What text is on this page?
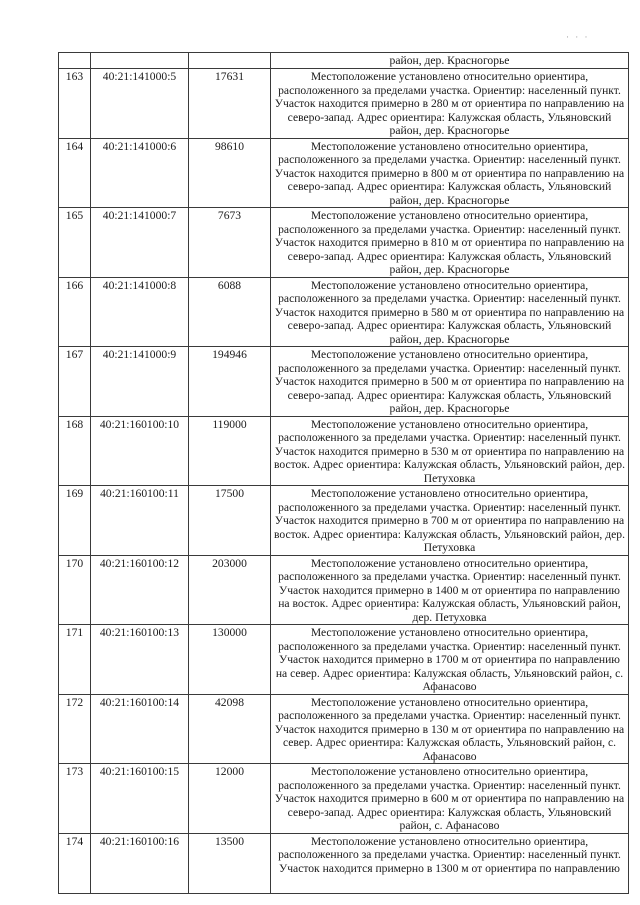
· · ·
			район, дер. Красногорье
163	40:21:141000:5	17631	Местоположение установлено относительно ориентира, расположенного за пределами участка. Ориентир: населенный пункт. Участок находится примерно в 280 м от ориентира по направлению на северо-запад. Адрес ориентира: Калужская область, Ульяновский район, дер. Красногорье
164	40:21:141000:6	98610	Местоположение установлено относительно ориентира, расположенного за пределами участка. Ориентир: населенный пункт. Участок находится примерно в 800 м от ориентира по направлению на северо-запад. Адрес ориентира: Калужская область, Ульяновский район, дер. Красногорье
165	40:21:141000:7	7673	Местоположение установлено относительно ориентира, расположенного за пределами участка. Ориентир: населенный пункт. Участок находится примерно в 810 м от ориентира по направлению на северо-запад. Адрес ориентира: Калужская область, Ульяновский район, дер. Красногорье
166	40:21:141000:8	6088	Местоположение установлено относительно ориентира, расположенного за пределами участка. Ориентир: населенный пункт. Участок находится примерно в 580 м от ориентира по направлению на северо-запад. Адрес ориентира: Калужская область, Ульяновский район, дер. Красногорье
167	40:21:141000:9	194946	Местоположение установлено относительно ориентира, расположенного за пределами участка. Ориентир: населенный пункт. Участок находится примерно в 500 м от ориентира по направлению на северо-запад. Адрес ориентира: Калужская область, Ульяновский район, дер. Красногорье
168	40:21:160100:10	119000	Местоположение установлено относительно ориентира, расположенного за пределами участка. Ориентир: населенный пункт. Участок находится примерно в 530 м от ориентира по направлению на восток. Адрес ориентира: Калужская область, Ульяновский район, дер. Петуховка
169	40:21:160100:11	17500	Местоположение установлено относительно ориентира, расположенного за пределами участка. Ориентир: населенный пункт. Участок находится примерно в 700 м от ориентира по направлению на восток. Адрес ориентира: Калужская область, Ульяновский район, дер. Петуховка
170	40:21:160100:12	203000	Местоположение установлено относительно ориентира, расположенного за пределами участка. Ориентир: населенный пункт. Участок находится примерно в 1400 м от ориентира по направлению на восток. Адрес ориентира: Калужская область, Ульяновский район, дер. Петуховка
171	40:21:160100:13	130000	Местоположение установлено относительно ориентира, расположенного за пределами участка. Ориентир: населенный пункт. Участок находится примерно в 1700 м от ориентира по направлению на север. Адрес ориентира: Калужская область, Ульяновский район, с. Афанасово
172	40:21:160100:14	42098	Местоположение установлено относительно ориентира, расположенного за пределами участка. Ориентир: населенный пункт. Участок находится примерно в 130 м от ориентира по направлению на север. Адрес ориентира: Калужская область, Ульяновский район, с. Афанасово
173	40:21:160100:15	12000	Местоположение установлено относительно ориентира, расположенного за пределами участка. Ориентир: населенный пункт. Участок находится примерно в 600 м от ориентира по направлению на северо-запад. Адрес ориентира: Калужская область, Ульяновский район, с. Афанасово
174	40:21:160100:16	13500	Местоположение установлено относительно ориентира, расположенного за пределами участка. Ориентир: населенный пункт. Участок находится примерно в 1300 м от ориентира по направлению
